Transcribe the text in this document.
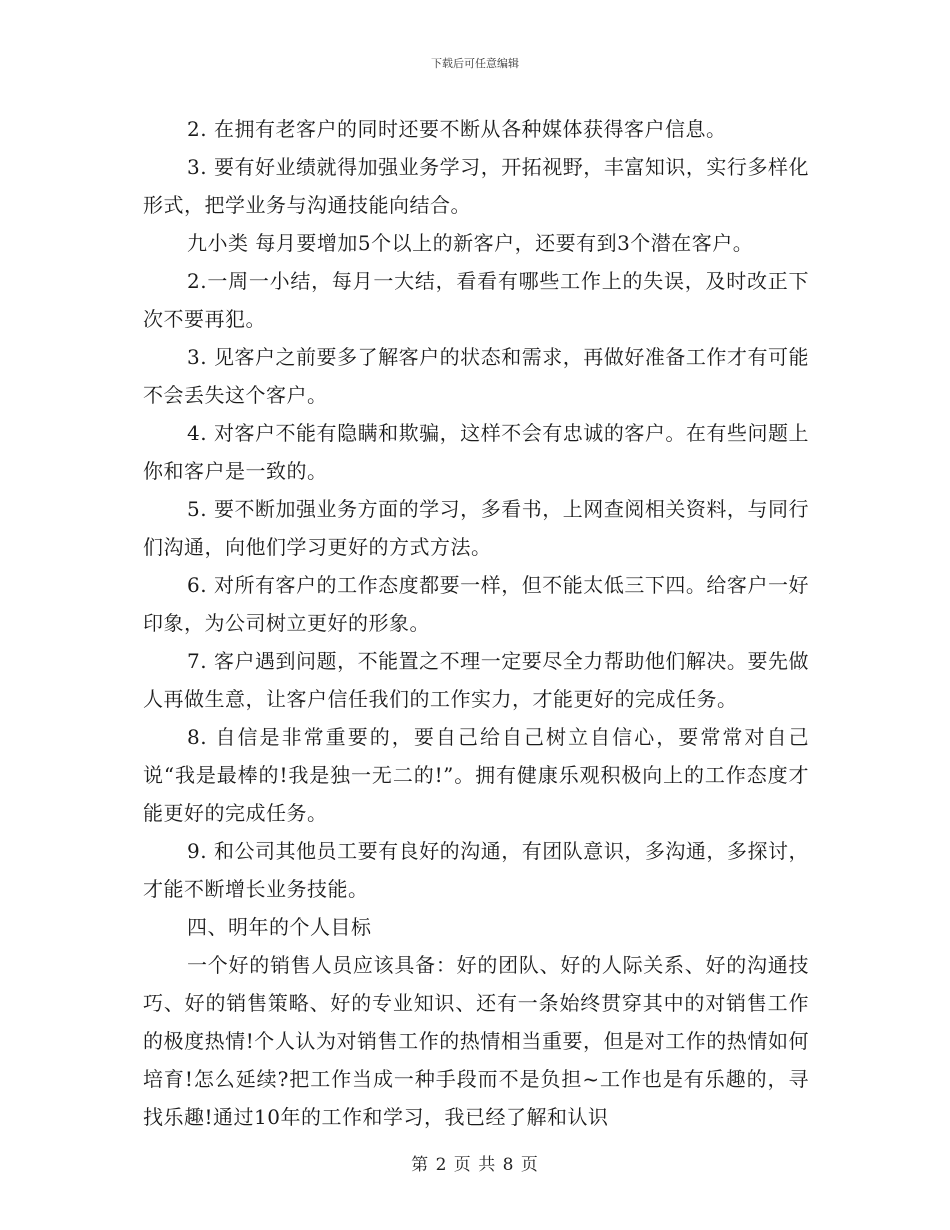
下载后可任意编辑

2. 在拥有老客户的同时还要不断从各种媒体获得客户信息。

3. 要有好业绩就得加强业务学习，开拓视野，丰富知识，实行多样化形式，把学业务与沟通技能向结合。

九小类 每月要增加5个以上的新客户，还要有到3个潜在客户。

2.一周一小结，每月一大结，看看有哪些工作上的失误，及时改正下次不要再犯。

3. 见客户之前要多了解客户的状态和需求，再做好准备工作才有可能不会丢失这个客户。

4. 对客户不能有隐瞒和欺骗，这样不会有忠诚的客户。在有些问题上你和客户是一致的。

5. 要不断加强业务方面的学习，多看书，上网查阅相关资料，与同行们沟通，向他们学习更好的方式方法。

6. 对所有客户的工作态度都要一样，但不能太低三下四。给客户一好印象，为公司树立更好的形象。

7. 客户遇到问题，不能置之不理一定要尽全力帮助他们解决。要先做人再做生意，让客户信任我们的工作实力，才能更好的完成任务。

8. 自信是非常重要的，要自己给自己树立自信心，要常常对自己说“我是最棒的!我是独一无二的!”。拥有健康乐观积极向上的工作态度才能更好的完成任务。

9. 和公司其他员工要有良好的沟通，有团队意识，多沟通，多探讨，才能不断增长业务技能。

四、明年的个人目标

一个好的销售人员应该具备：好的团队、好的人际关系、好的沟通技巧、好的销售策略、好的专业知识、还有一条始终贯穿其中的对销售工作的极度热情!个人认为对销售工作的热情相当重要，但是对工作的热情如何培育!怎么延续?把工作当成一种手段而不是负担~工作也是有乐趣的，寻找乐趣!通过10年的工作和学习，我已经了解和认识

第 2 页 共 8 页
